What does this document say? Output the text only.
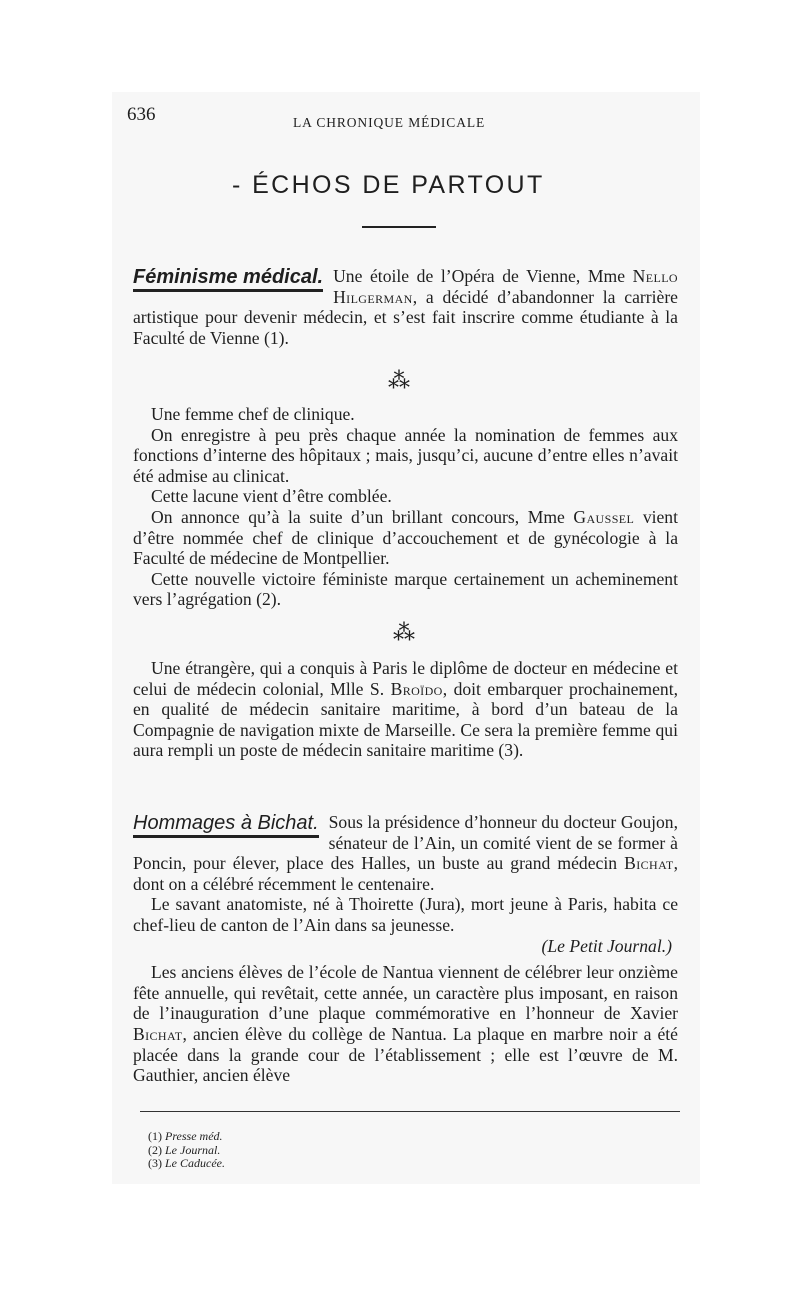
636	LA CHRONIQUE MÉDICALE
- ÉCHOS DE PARTOUT

Féminisme médical. Une étoile de l’Opéra de Vienne, Mme Nello Hilgerman, a décidé d’abandonner la carrière artistique pour devenir médecin, et s’est fait inscrire comme étudiante à la Faculté de Vienne (1).

⁂

Une femme chef de clinique.

On enregistre à peu près chaque année la nomination de femmes aux fonctions d’interne des hôpitaux ; mais, jusqu’ci, aucune d’entre elles n’avait été admise au clinicat.

Cette lacune vient d’être comblée.

On annonce qu’à la suite d’un brillant concours, Mme Gaussel vient d’être nommée chef de clinique d’accouchement et de gynécologie à la Faculté de médecine de Montpellier.

Cette nouvelle victoire féministe marque certainement un acheminement vers l’agrégation (2).

⁂

Une étrangère, qui a conquis à Paris le diplôme de docteur en médecine et celui de médecin colonial, Mlle S. Broïdo, doit embarquer prochainement, en qualité de médecin sanitaire maritime, à bord d’un bateau de la Compagnie de navigation mixte de Marseille. Ce sera la première femme qui aura rempli un poste de médecin sanitaire maritime (3).

Hommages à Bichat. Sous la présidence d’honneur du docteur Goujon, sénateur de l’Ain, un comité vient de se former à Poncin, pour élever, place des Halles, un buste au grand médecin Bichat, dont on a célébré récemment le centenaire.

Le savant anatomiste, né à Thoirette (Jura), mort jeune à Paris, habita ce chef-lieu de canton de l’Ain dans sa jeunesse.

(Le Petit Journal.)

Les anciens élèves de l’école de Nantua viennent de célébrer leur onzième fête annuelle, qui revêtait, cette année, un caractère plus imposant, en raison de l’inauguration d’une plaque commémorative en l’honneur de Xavier Bichat, ancien élève du collège de Nantua. La plaque en marbre noir a été placée dans la grande cour de l’établissement ; elle est l’œuvre de M. Gauthier, ancien élève

(1) Presse méd.
(2) Le Journal.
(3) Le Caducée.
